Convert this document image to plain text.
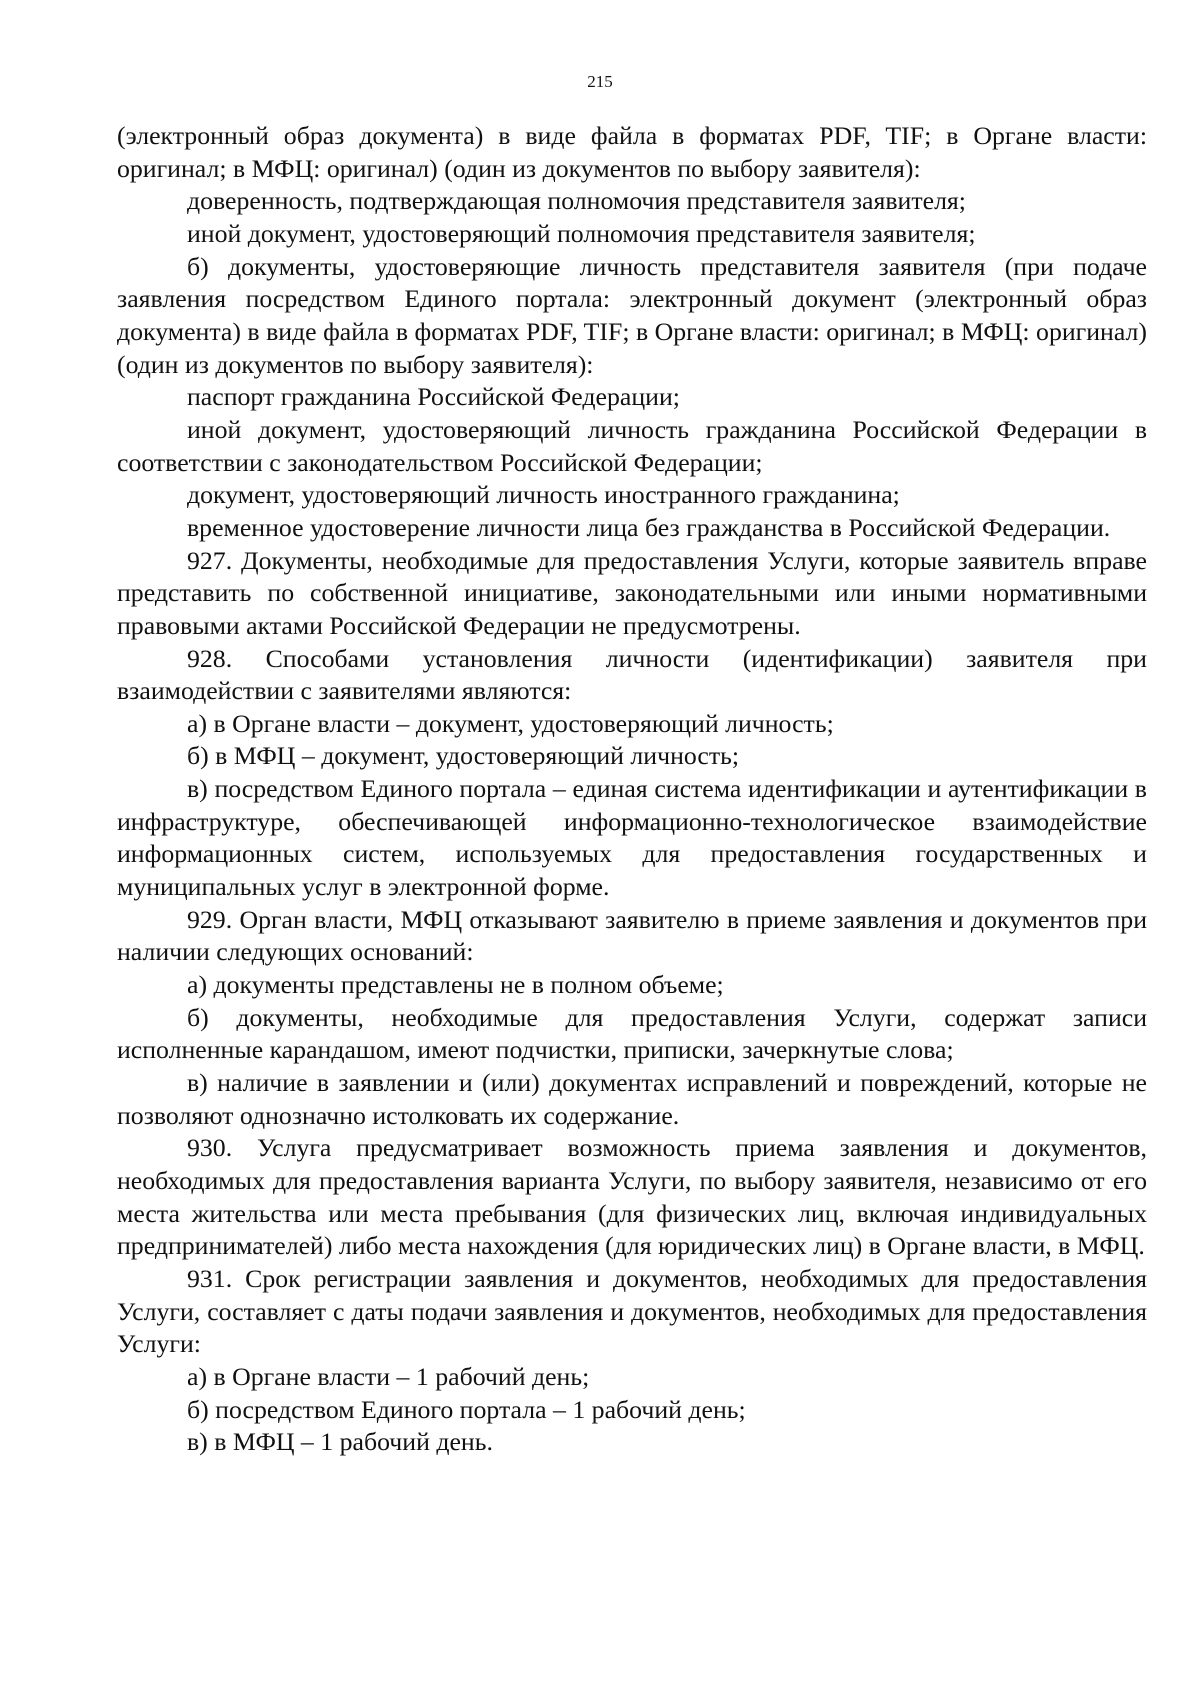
215

(электронный образ документа) в виде файла в форматах PDF, TIF; в Органе власти: оригинал; в МФЦ: оригинал) (один из документов по выбору заявителя):

доверенность, подтверждающая полномочия представителя заявителя;

иной документ, удостоверяющий полномочия представителя заявителя;

б) документы, удостоверяющие личность представителя заявителя (при подаче заявления посредством Единого портала: электронный документ (электронный образ документа) в виде файла в форматах PDF, TIF; в Органе власти: оригинал; в МФЦ: оригинал) (один из документов по выбору заявителя):

паспорт гражданина Российской Федерации;

иной документ, удостоверяющий личность гражданина Российской Федерации в соответствии с законодательством Российской Федерации;

документ, удостоверяющий личность иностранного гражданина;

временное удостоверение личности лица без гражданства в Российской Федерации.

927. Документы, необходимые для предоставления Услуги, которые заявитель вправе представить по собственной инициативе, законодательными или иными нормативными правовыми актами Российской Федерации не предусмотрены.

928. Способами установления личности (идентификации) заявителя при взаимодействии с заявителями являются:

а) в Органе власти – документ, удостоверяющий личность;

б) в МФЦ – документ, удостоверяющий личность;

в) посредством Единого портала – единая система идентификации и аутентификации в инфраструктуре, обеспечивающей информационно-технологическое взаимодействие информационных систем, используемых для предоставления государственных и муниципальных услуг в электронной форме.

929. Орган власти, МФЦ отказывают заявителю в приеме заявления и документов при наличии следующих оснований:

а) документы представлены не в полном объеме;

б) документы, необходимые для предоставления Услуги, содержат записи исполненные карандашом, имеют подчистки, приписки, зачеркнутые слова;

в) наличие в заявлении и (или) документах исправлений и повреждений, которые не позволяют однозначно истолковать их содержание.

930. Услуга предусматривает возможность приема заявления и документов, необходимых для предоставления варианта Услуги, по выбору заявителя, независимо от его места жительства или места пребывания (для физических лиц, включая индивидуальных предпринимателей) либо места нахождения (для юридических лиц) в Органе власти, в МФЦ.

931. Срок регистрации заявления и документов, необходимых для предоставления Услуги, составляет с даты подачи заявления и документов, необходимых для предоставления Услуги:

а) в Органе власти – 1 рабочий день;

б) посредством Единого портала – 1 рабочий день;

в) в МФЦ – 1 рабочий день.
